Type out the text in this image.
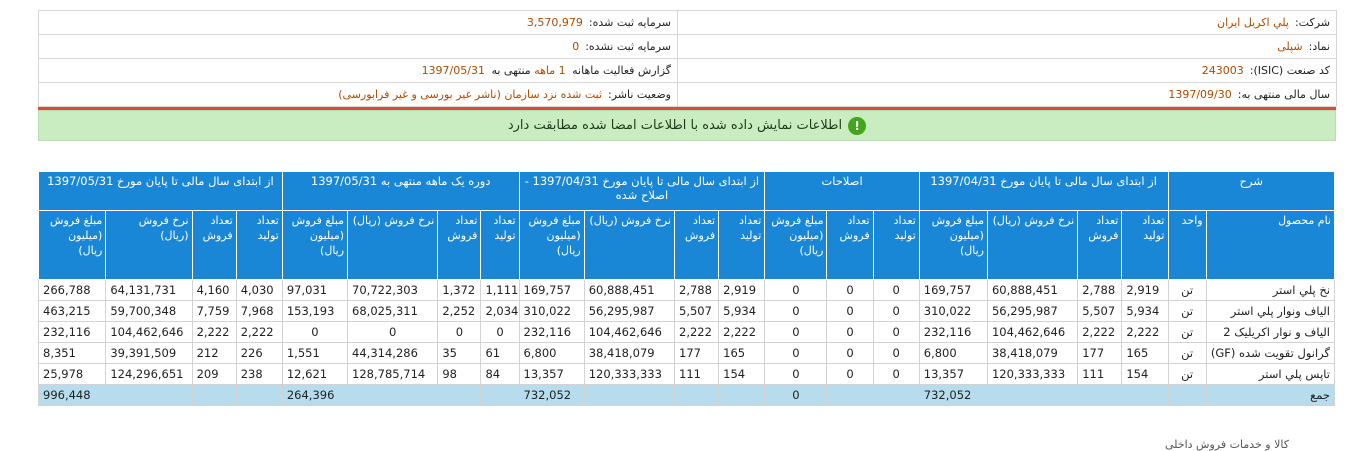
شرکت:پلي اکريل ايران	سرمایه ثبت شده:3,570,979
نماد:شپلی	سرمایه ثبت نشده:0
کد صنعت (ISIC):243003	گزارش فعالیت ماهانه 1 ماهه منتهی به 1397/05/31
سال مالی منتهی به:1397/09/30	وضعیت ناشر:ثبت شده نزد سازمان (ناشر غیر بورسی و غیر فرابورسی)
!
اطلاعات نمایش داده شده با اطلاعات امضا شده مطابقت دارد
شرح		از ابتدای سال مالی تا پایان مورخ 1397/04/31				اصلاحات			از ابتدای سال مالی تا پایان مورخ 1397/04/31 - اصلاح شده				دوره یک ماهه منتهی به 1397/05/31				از ابتدای سال مالی تا پایان مورخ 1397/05/31			
نام محصول	واحد	تعداد تولید	تعداد فروش	نرخ فروش (ریال)	مبلغ فروش (میلیون ریال)	تعداد تولید	تعداد فروش	مبلغ فروش (میلیون ریال)	تعداد تولید	تعداد فروش	نرخ فروش (ریال)	مبلغ فروش (میلیون ریال)	تعداد تولید	تعداد فروش	نرخ فروش (ریال)	مبلغ فروش (میلیون ریال)	تعداد تولید	تعداد فروش	نرخ فروش (ریال)	مبلغ فروش (میلیون ریال)
نخ پلي استر	تن	2,919	2,788	60,888,451	169,757	0	0	0	2,919	2,788	60,888,451	169,757	1,111	1,372	70,722,303	97,031	4,030	4,160	64,131,731	266,788
الياف ونوار پلي استر	تن	5,934	5,507	56,295,987	310,022	0	0	0	5,934	5,507	56,295,987	310,022	2,034	2,252	68,025,311	153,193	7,968	7,759	59,700,348	463,215
الياف و نوار اکريليک 2	تن	2,222	2,222	104,462,646	232,116	0	0	0	2,222	2,222	104,462,646	232,116	0	0	0	0	2,222	2,222	104,462,646	232,116
گرانول تقويت شده (GF)	تن	165	177	38,418,079	6,800	0	0	0	165	177	38,418,079	6,800	61	35	44,314,286	1,551	226	212	39,391,509	8,351
تاپس پلي استر	تن	154	111	120,333,333	13,357	0	0	0	154	111	120,333,333	13,357	84	98	128,785,714	12,621	238	209	124,296,651	25,978
جمع					732,052			0				732,052				264,396				996,448
کالا و خدمات فروش داخلی
